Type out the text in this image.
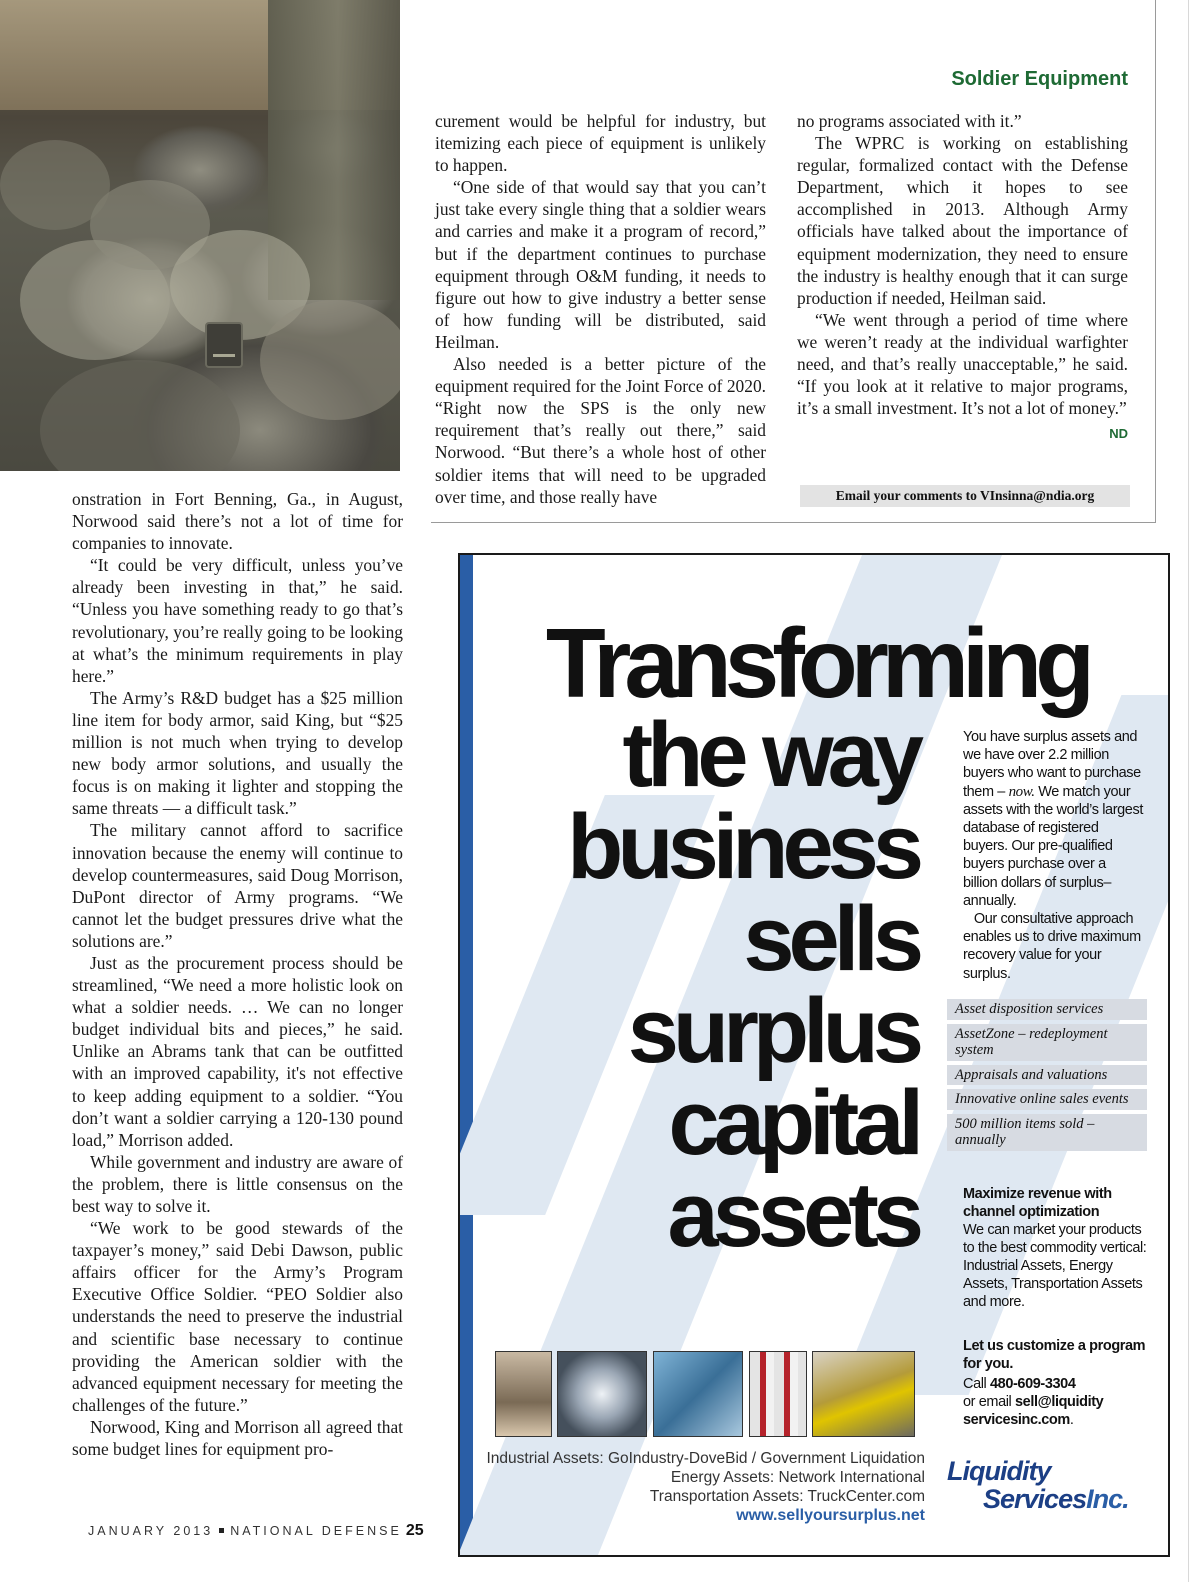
Soldier Equipment

onstration in Fort Benning, Ga., in August, Norwood said there’s not a lot of time for companies to innovate.

“It could be very difficult, unless you’ve already been investing in that,” he said. “Unless you have something ready to go that’s revolutionary, you’re really going to be looking at what’s the minimum requirements in play here.”

The Army’s R&D budget has a $25 million line item for body armor, said King, but “$25 million is not much when trying to develop new body armor solutions, and usually the focus is on making it lighter and stopping the same threats — a difficult task.”

The military cannot afford to sacrifice innovation because the enemy will continue to develop countermeasures, said Doug Morrison, DuPont director of Army programs. “We cannot let the budget pressures drive what the solutions are.”

Just as the procurement process should be streamlined, “We need a more holistic look on what a soldier needs. … We can no longer budget individual bits and pieces,” he said. Unlike an Abrams tank that can be outfitted with an improved capability, it's not effective to keep adding equipment to a soldier. “You don’t want a soldier carrying a 120-130 pound load,” Morrison added.

While government and industry are aware of the problem, there is little consensus on the best way to solve it.

“We work to be good stewards of the taxpayer’s money,” said Debi Dawson, public affairs officer for the Army’s Program Executive Office Soldier. “PEO Soldier also understands the need to preserve the industrial and scientific base necessary to continue providing the American soldier with the advanced equipment necessary for meeting the challenges of the future.”

Norwood, King and Morrison all agreed that some budget lines for equipment pro-

curement would be helpful for industry, but itemizing each piece of equipment is unlikely to happen.

“One side of that would say that you can’t just take every single thing that a soldier wears and carries and make it a program of record,” but if the department continues to purchase equipment through O&M funding, it needs to figure out how to give industry a better sense of how funding will be distributed, said Heilman.

Also needed is a better picture of the equipment required for the Joint Force of 2020. “Right now the SPS is the only new requirement that’s really out there,” said Norwood. “But there’s a whole host of other soldier items that will need to be upgraded over time, and those really have

no programs associated with it.”

The WPRC is working on establishing regular, formalized contact with the Defense Department, which it hopes to see accomplished in 2013. Although Army officials have talked about the importance of equipment modernization, they need to ensure the industry is healthy enough that it can surge production if needed, Heilman said.

“We went through a period of time where we weren’t ready at the individual warfighter need, and that’s really unacceptable,” he said. “If you look at it relative to major programs, it’s a small investment. It’s not a lot of money.”
ND

Email your comments to VInsinna@ndia.org
JANUARY 2013 NATIONAL DEFENSE 25
Transforming
the way
business
sells
surplus
capital
assets
You have surplus assets and we have over 2.2 million buyers who want to purchase them – now. We match your assets with the world’s largest database of registered buyers. Our pre-qualified buyers purchase over a billion dollars of surplus– annually.
Our consultative approach enables us to drive maximum recovery value for your surplus.
Asset disposition services
AssetZone – redeployment system
Appraisals and valuations
Innovative online sales events
500 million items sold – annually
Maximize revenue with channel optimization
We can market your products to the best commodity vertical: Industrial Assets, Energy Assets, Transportation Assets and more.
Let us customize a program for you.
Call 480-609-3304
or email sell@liquidity servicesinc.com.
Industrial Assets: GoIndustry-DoveBid / Government Liquidation
Energy Assets: Network International
Transportation Assets: TruckCenter.com
www.sellyoursurplus.net
Liquidity
ServicesInc.
